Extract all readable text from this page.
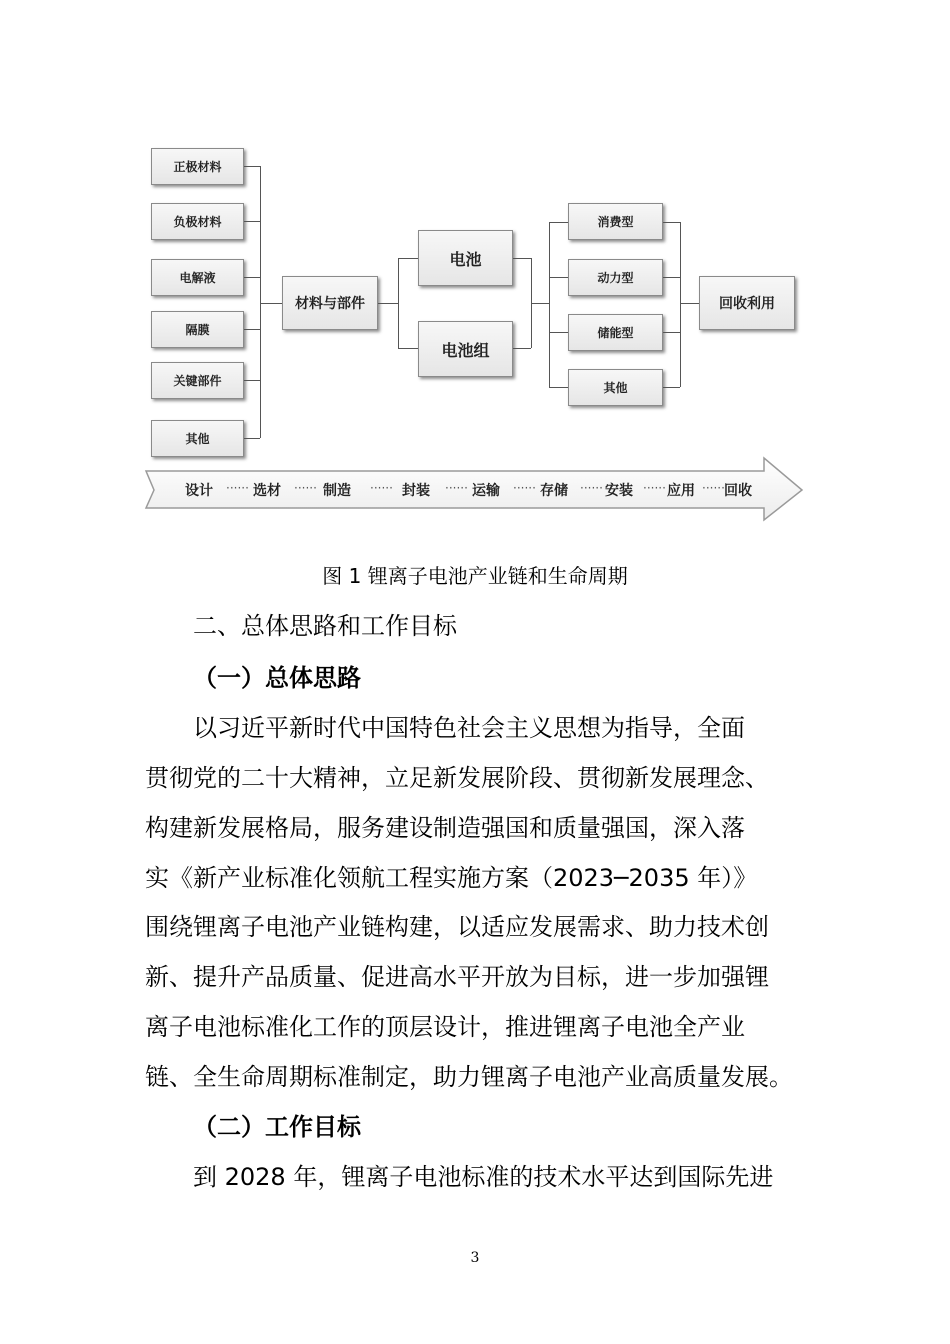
正极材料
负极材料
电解液
隔膜
关键部件
其他
材料与部件
电池
电池组
消费型
动力型
储能型
其他
回收利用
设计 ······ 选材 ······ 制造 ······ 封装 ······ 运输 ······ 存储 ······ 安装 ······ 应用 ······ 回收
图 1 锂离子电池产业链和生命周期
二、总体思路和工作目标
（一）总体思路
以习近平新时代中国特色社会主义思想为指导，全面
贯彻党的二十大精神，立足新发展阶段、贯彻新发展理念、
构建新发展格局，服务建设制造强国和质量强国，深入落
实《新产业标准化领航工程实施方案（2023─2035 年）》
围绕锂离子电池产业链构建，以适应发展需求、助力技术创
新、提升产品质量、促进高水平开放为目标，进一步加强锂
离子电池标准化工作的顶层设计，推进锂离子电池全产业
链、全生命周期标准制定，助力锂离子电池产业高质量发展。
（二）工作目标
到 2028 年，锂离子电池标准的技术水平达到国际先进
3
